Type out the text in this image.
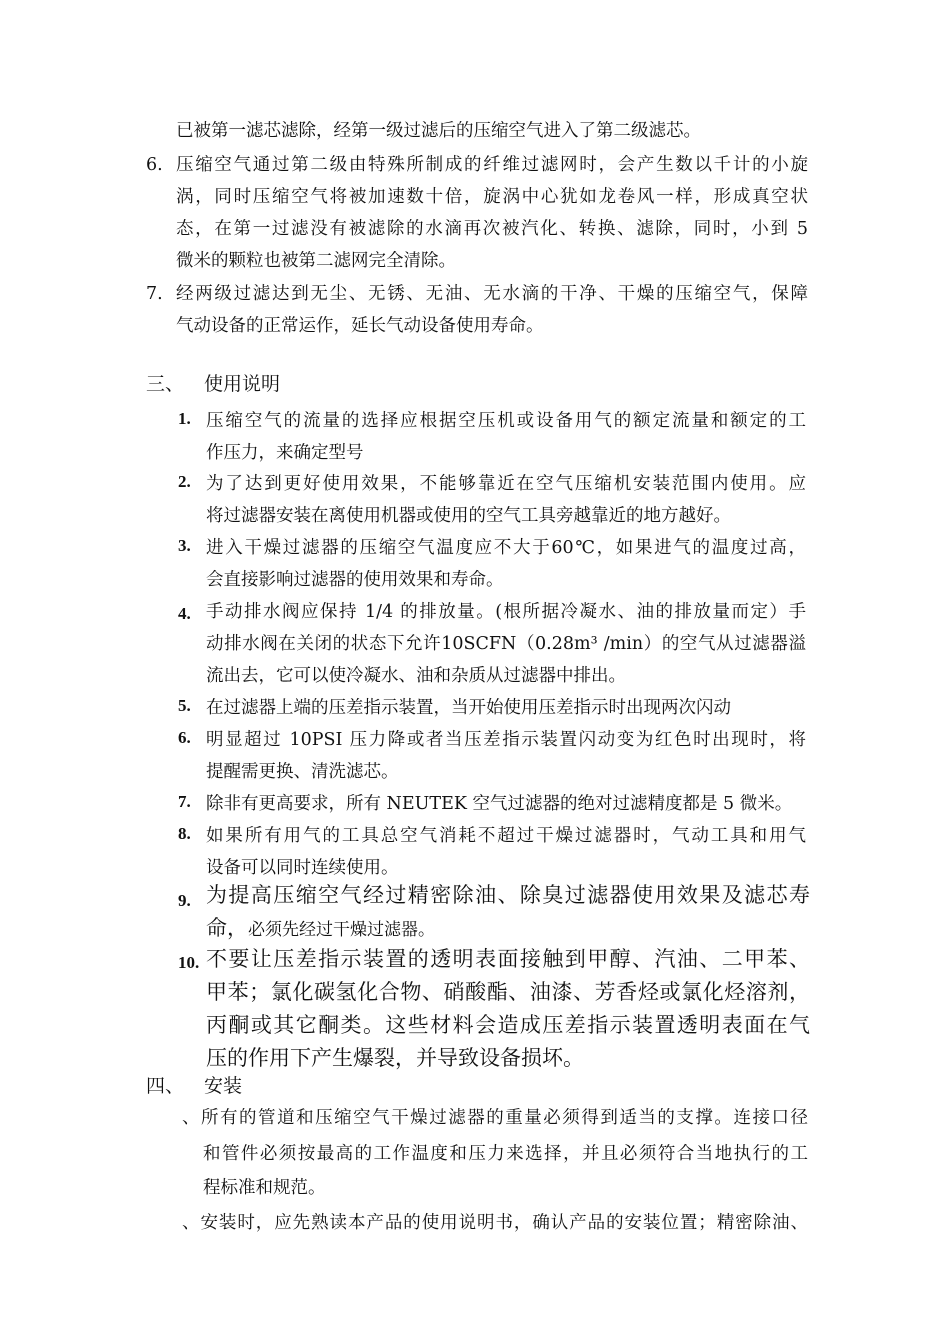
已被第一滤芯滤除，经第一级过滤后的压缩空气进入了第二级滤芯。
6. 压缩空气通过第二级由特殊所制成的纤维过滤网时，会产生数以千计的小旋
涡，同时压缩空气将被加速数十倍，旋涡中心犹如龙卷风一样，形成真空状
态，在第一过滤没有被滤除的水滴再次被汽化、转换、滤除，同时，小到 5
微米的颗粒也被第二滤网完全清除。
7. 经两级过滤达到无尘、无锈、无油、无水滴的干净、干燥的压缩空气，保障
气动设备的正常运作，延长气动设备使用寿命。
三、 使用说明
1. 压缩空气的流量的选择应根据空压机或设备用气的额定流量和额定的工
作压力，来确定型号
2. 为了达到更好使用效果，不能够靠近在空气压缩机安装范围内使用。应
将过滤器安装在离使用机器或使用的空气工具旁越靠近的地方越好。
3. 进入干燥过滤器的压缩空气温度应不大于60℃，如果进气的温度过高，
会直接影响过滤器的使用效果和寿命。
4. 手动排水阀应保持 1/4 的排放量。(根所据冷凝水、油的排放量而定）手
动排水阀在关闭的状态下允许10SCFN（0.28m³ /min）的空气从过滤器溢
流出去，它可以使冷凝水、油和杂质从过滤器中排出。
5. 在过滤器上端的压差指示装置，当开始使用压差指示时出现两次闪动
6. 明显超过 10PSI 压力降或者当压差指示装置闪动变为红色时出现时，将
提醒需更换、清洗滤芯。
7. 除非有更高要求，所有 NEUTEK 空气过滤器的绝对过滤精度都是 5 微米。
8. 如果所有用气的工具总空气消耗不超过干燥过滤器时，气动工具和用气
设备可以同时连续使用。
9. 为提高压缩空气经过精密除油、除臭过滤器使用效果及滤芯寿
命，必须先经过干燥过滤器。
10. 不要让压差指示装置的透明表面接触到甲醇、汽油、二甲苯、
甲苯；氯化碳氢化合物、硝酸酯、油漆、芳香烃或氯化烃溶剂，
丙酮或其它酮类。这些材料会造成压差指示装置透明表面在气
压的作用下产生爆裂，并导致设备损坏。
四、 安装
、所有的管道和压缩空气干燥过滤器的重量必须得到适当的支撑。连接口径
和管件必须按最高的工作温度和压力来选择，并且必须符合当地执行的工
程标准和规范。
、安装时，应先熟读本产品的使用说明书，确认产品的安装位置；精密除油、
